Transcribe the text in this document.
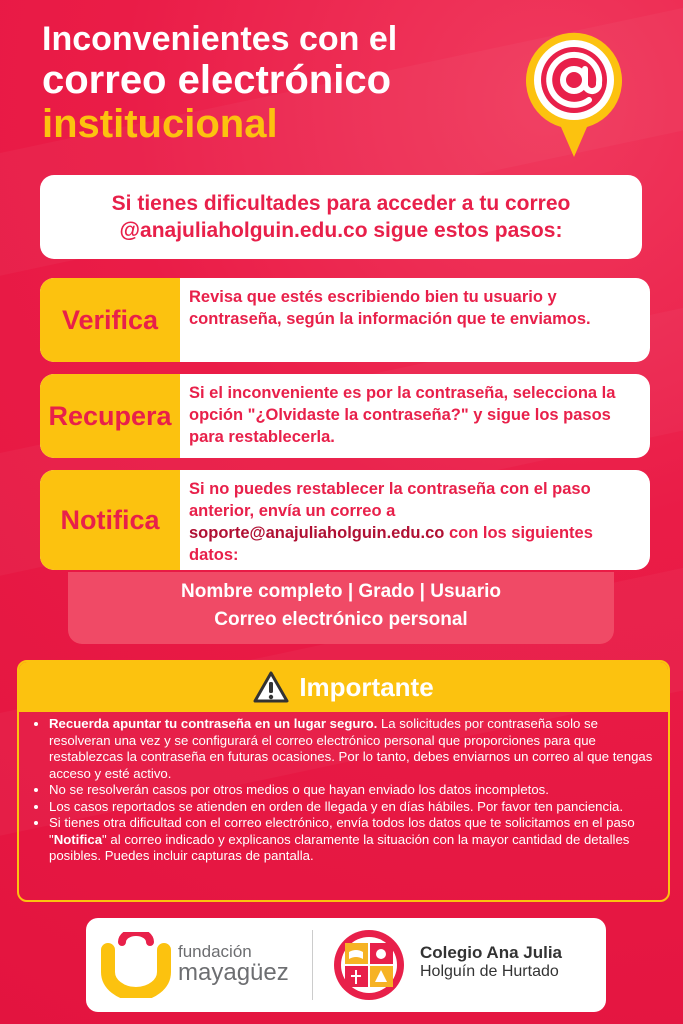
Inconvenientes con el

correo electrónico

institucional

Si tienes dificultades para acceder a tu correo
@anajuliaholguin.edu.co sigue estos pasos:
Verifica
Revisa que estés escribiendo bien tu usuario y contraseña, según la información que te enviamos.
Recupera
Si el inconveniente es por la contraseña, selecciona la opción "¿Olvidaste la contraseña?" y sigue los pasos para restablecerla.
Notifica
Si no puedes restablecer la contraseña con el paso anterior, envía un correo a soporte@anajuliaholguin.edu.co con los siguientes datos:
Nombre completo | Grado | Usuario
Correo electrónico personal
Importante
• Recuerda apuntar tu contraseña en un lugar seguro. La solicitudes por contraseña solo se resolveran una vez y se configurará el correo electrónico personal que proporciones para que restablezcas la contraseña en futuras ocasiones. Por lo tanto, debes enviarnos un correo al que tengas acceso y esté activo.
• No se resolverán casos por otros medios o que hayan enviado los datos incompletos.
• Los casos reportados se atienden en orden de llegada y en días hábiles. Por favor ten panciencia.
• Si tienes otra dificultad con el correo electrónico, envía todos los datos que te solicitamos en el paso "Notifica" al correo indicado y explicanos claramente la situación con la mayor cantidad de detalles posibles. Puedes incluir capturas de pantalla.
fundación
mayagüez
Colegio Ana Julia
Holguín de Hurtado
